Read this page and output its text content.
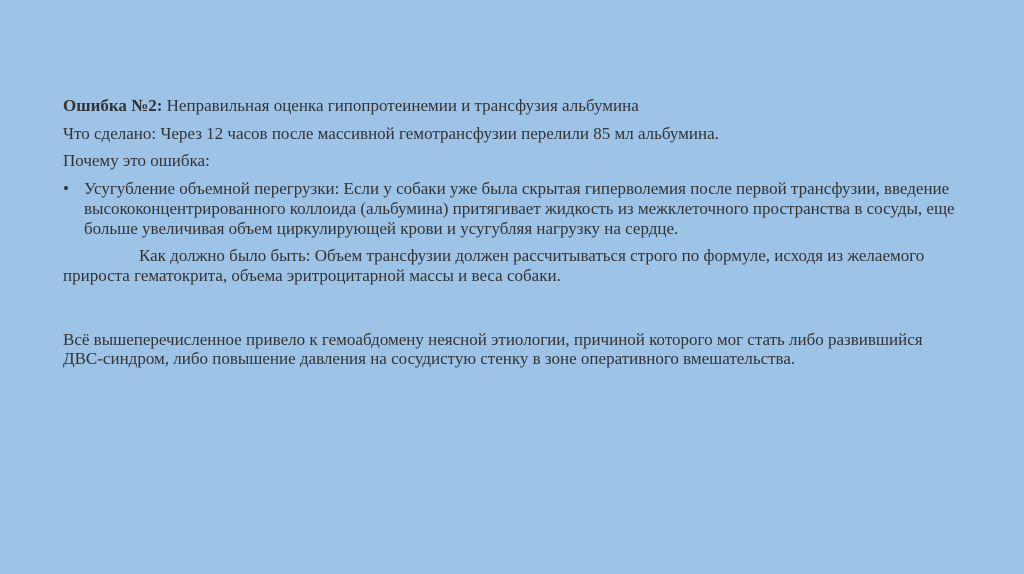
Ошибка №2: Неправильная оценка гипопротеинемии и трансфузия альбумина

Что сделано: Через 12 часов после массивной гемотрансфузии перелили 85 мл альбумина.

Почему это ошибка:

• Усугубление объемной перегрузки: Если у собаки уже была скрытая гиперволемия после первой трансфузии, введение высококонцентрированного коллоида (альбумина) притягивает жидкость из межклеточного пространства в сосуды, еще больше увеличивая объем циркулирующей крови и усугубляя нагрузку на сердце.

Как должно было быть: Объем трансфузии должен рассчитываться строго по формуле, исходя из желаемого прироста гематокрита, объема эритроцитарной массы и веса собаки.

Всё вышеперечисленное привело к гемоабдомену неясной этиологии, причиной которого мог стать либо развившийся ДВС-синдром, либо повышение давления на сосудистую стенку в зоне оперативного вмешательства.
